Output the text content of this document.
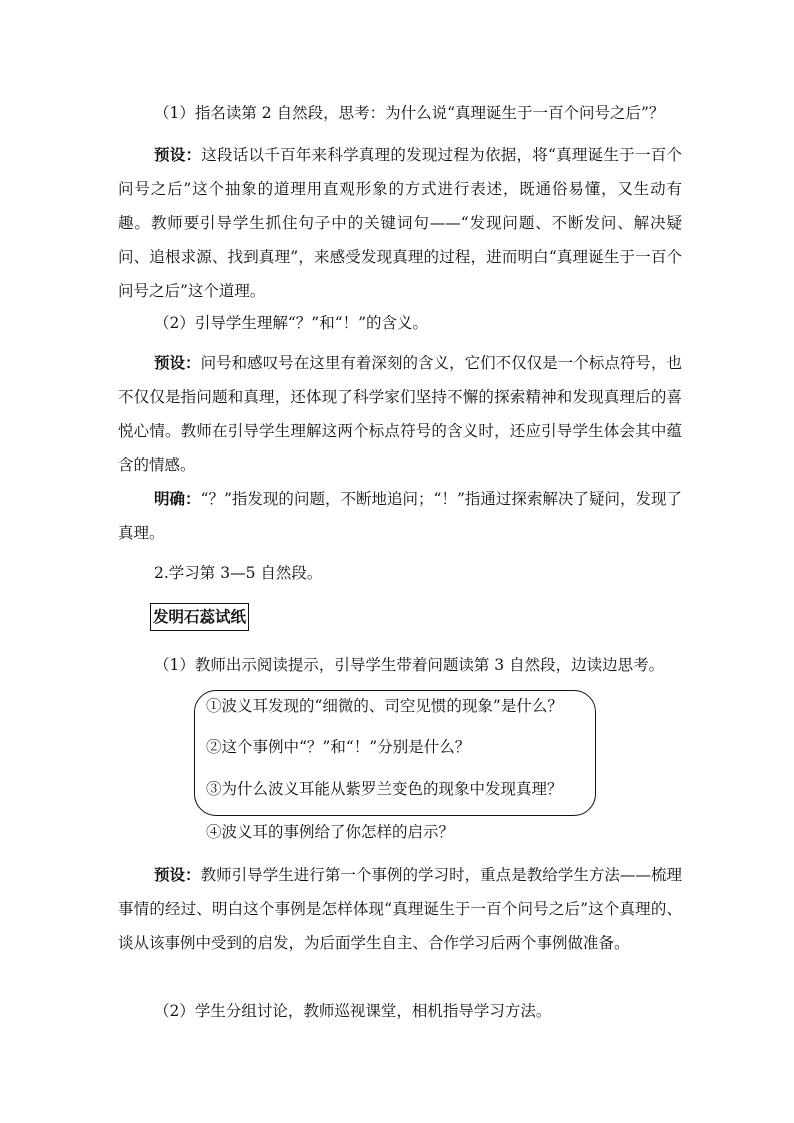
（1）指名读第 2 自然段，思考：为什么说“真理诞生于一百个问号之后”？

预设：这段话以千百年来科学真理的发现过程为依据，将“真理诞生于一百个问号之后”这个抽象的道理用直观形象的方式进行表述，既通俗易懂，又生动有趣。教师要引导学生抓住句子中的关键词句——“发现问题、不断发问、解决疑问、追根求源、找到真理”，来感受发现真理的过程，进而明白“真理诞生于一百个问号之后”这个道理。

（2）引导学生理解“？”和“！”的含义。

预设：问号和感叹号在这里有着深刻的含义，它们不仅仅是一个标点符号，也不仅仅是指问题和真理，还体现了科学家们坚持不懈的探索精神和发现真理后的喜悦心情。教师在引导学生理解这两个标点符号的含义时，还应引导学生体会其中蕴含的情感。

明确：“？”指发现的问题，不断地追问；“！”指通过探索解决了疑问，发现了真理。

2.学习第 3—5 自然段。

发明石蕊试纸

（1）教师出示阅读提示，引导学生带着问题读第 3 自然段，边读边思考。

①波义耳发现的“细微的、司空见惯的现象”是什么？

②这个事例中“？”和“！”分别是什么？

③为什么波义耳能从紫罗兰变色的现象中发现真理？

④波义耳的事例给了你怎样的启示？

预设：教师引导学生进行第一个事例的学习时，重点是教给学生方法——梳理事情的经过、明白这个事例是怎样体现“真理诞生于一百个问号之后”这个真理的、谈从该事例中受到的启发，为后面学生自主、合作学习后两个事例做准备。

（2）学生分组讨论，教师巡视课堂，相机指导学习方法。
